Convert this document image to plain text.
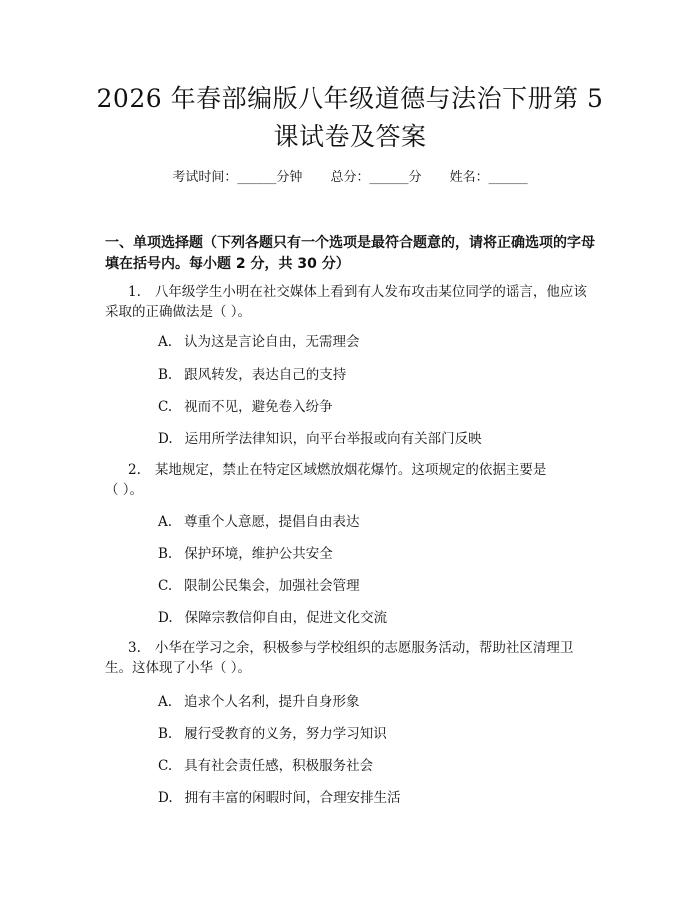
2026 年春部编版八年级道德与法治下册第 5
课试卷及答案
考试时间：______分钟 总分：______分 姓名：______
一、单项选择题（下列各题只有一个选项是最符合题意的，请将正确选项的字母
填在括号内。每小题 2 分，共 30 分）
1. 八年级学生小明在社交媒体上看到有人发布攻击某位同学的谣言，他应该
采取的正确做法是（ ）。
A. 认为这是言论自由，无需理会
B. 跟风转发，表达自己的支持
C. 视而不见，避免卷入纷争
D. 运用所学法律知识，向平台举报或向有关部门反映
2. 某地规定，禁止在特定区域燃放烟花爆竹。这项规定的依据主要是
（ ）。
A. 尊重个人意愿，提倡自由表达
B. 保护环境，维护公共安全
C. 限制公民集会，加强社会管理
D. 保障宗教信仰自由，促进文化交流
3. 小华在学习之余，积极参与学校组织的志愿服务活动，帮助社区清理卫
生。这体现了小华（ ）。
A. 追求个人名利，提升自身形象
B. 履行受教育的义务，努力学习知识
C. 具有社会责任感，积极服务社会
D. 拥有丰富的闲暇时间，合理安排生活
